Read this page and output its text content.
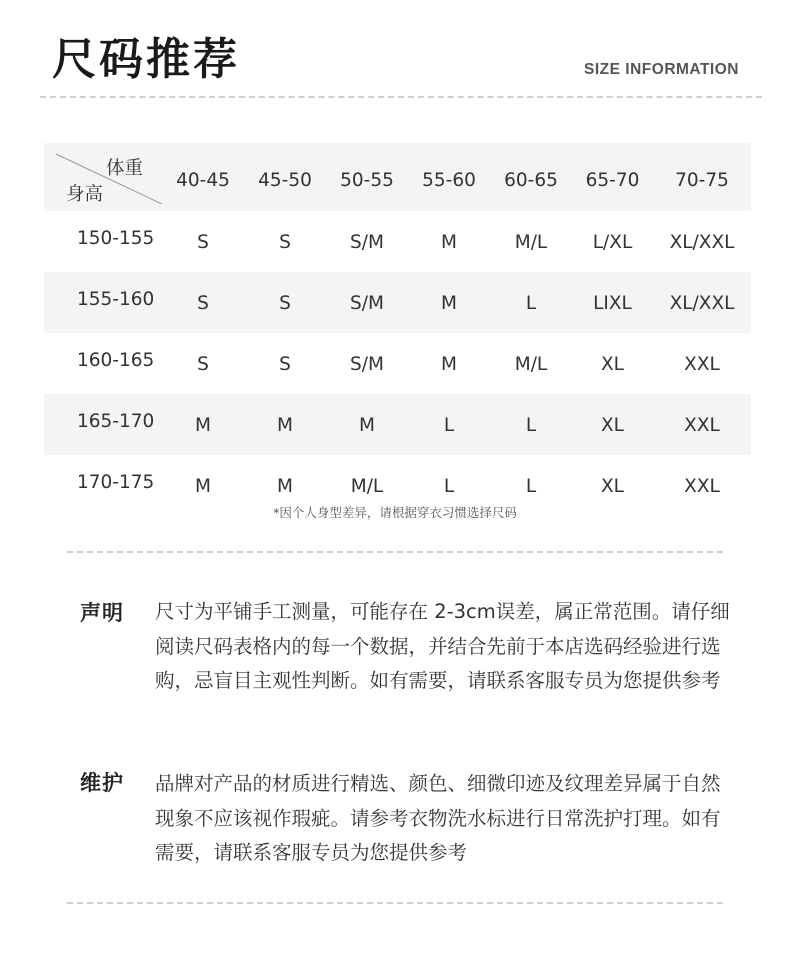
尺码推荐	SIZE INFORMATION
体重
身高	40-45	45-50	50-55	55-60	60-65	65-70	70-75
150-155	S	S	S/M	M	M/L	L/XL	XL/XXL
155-160	S	S	S/M	M	L	LIXL	XL/XXL
160-165	S	S	S/M	M	M/L	XL	XXL
165-170	M	M	M	L	L	XL	XXL
170-175	M	M	M/L	L	L	XL	XXL
*因个人身型差异，请根据穿衣习惯选择尺码
声明 尺寸为平铺手工测量，可能存在 2-3cm误差，属正常范围。请仔细阅读尺码表格内的每一个数据，并结合先前于本店选码经验进行选购，忌盲目主观性判断。如有需要，请联系客服专员为您提供参考
维护 品牌对产品的材质进行精选、颜色、细微印迹及纹理差异属于自然现象不应该视作瑕疵。请参考衣物洗水标进行日常洗护打理。如有需要，请联系客服专员为您提供参考
